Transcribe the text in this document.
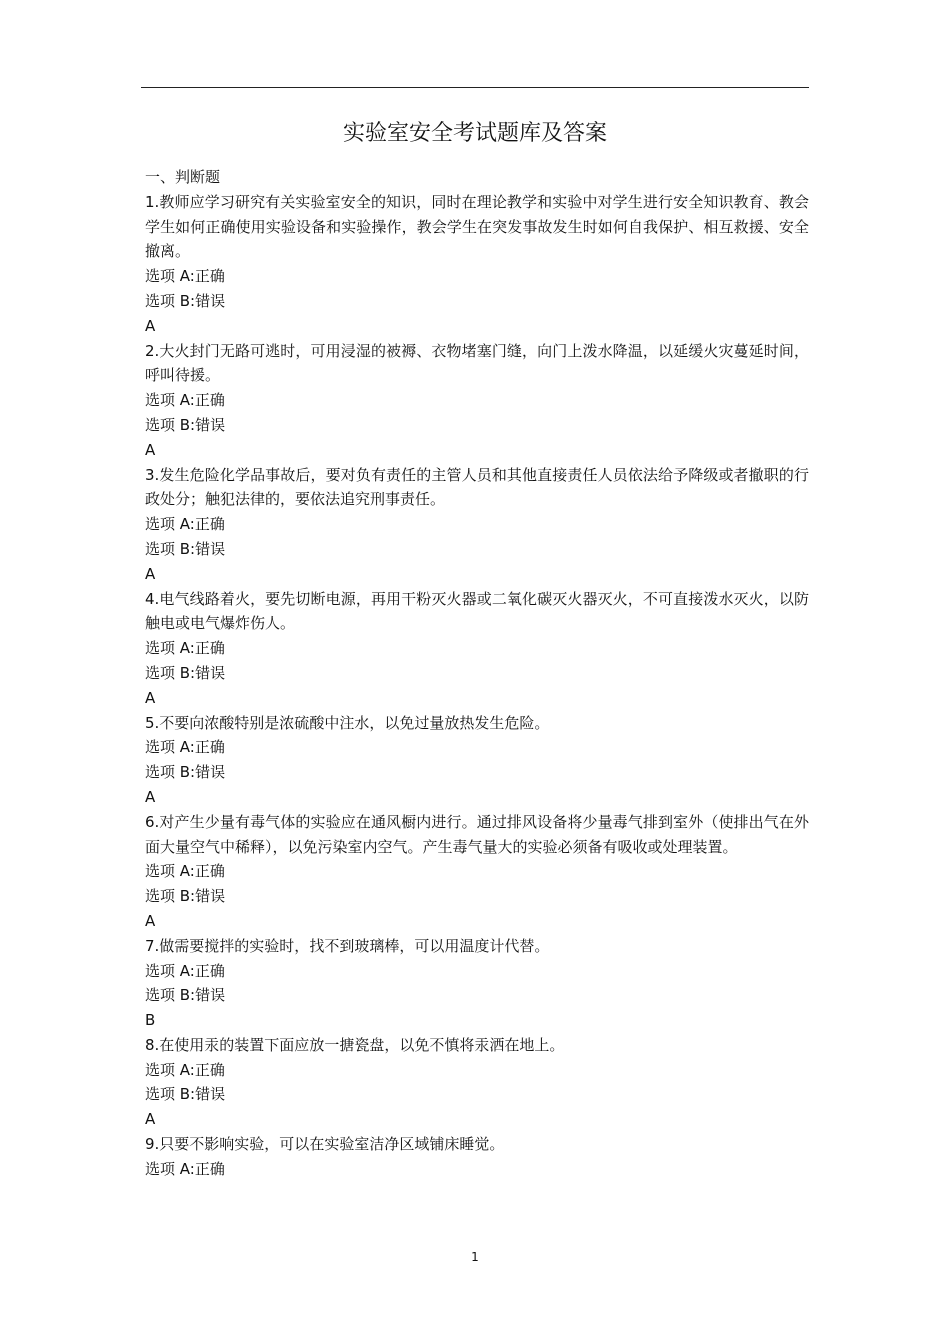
实验室安全考试题库及答案
一、判断题
1.教师应学习研究有关实验室安全的知识，同时在理论教学和实验中对学生进行安全知识教育、教会学生如何正确使用实验设备和实验操作，教会学生在突发事故发生时如何自我保护、相互救援、安全撤离。
选项 A:正确
选项 B:错误
A
2.大火封门无路可逃时，可用浸湿的被褥、衣物堵塞门缝，向门上泼水降温，以延缓火灾蔓延时间，呼叫待援。
选项 A:正确
选项 B:错误
A
3.发生危险化学品事故后，要对负有责任的主管人员和其他直接责任人员依法给予降级或者撤职的行政处分；触犯法律的，要依法追究刑事责任。
选项 A:正确
选项 B:错误
A
4.电气线路着火，要先切断电源，再用干粉灭火器或二氧化碳灭火器灭火，不可直接泼水灭火，以防触电或电气爆炸伤人。
选项 A:正确
选项 B:错误
A
5.不要向浓酸特别是浓硫酸中注水，以免过量放热发生危险。
选项 A:正确
选项 B:错误
A
6.对产生少量有毒气体的实验应在通风橱内进行。通过排风设备将少量毒气排到室外（使排出气在外面大量空气中稀释），以免污染室内空气。产生毒气量大的实验必须备有吸收或处理装置。
选项 A:正确
选项 B:错误
A
7.做需要搅拌的实验时，找不到玻璃棒，可以用温度计代替。
选项 A:正确
选项 B:错误
B
8.在使用汞的装置下面应放一搪瓷盘，以免不慎将汞洒在地上。
选项 A:正确
选项 B:错误
A
9.只要不影响实验，可以在实验室洁净区域铺床睡觉。
选项 A:正确
1
